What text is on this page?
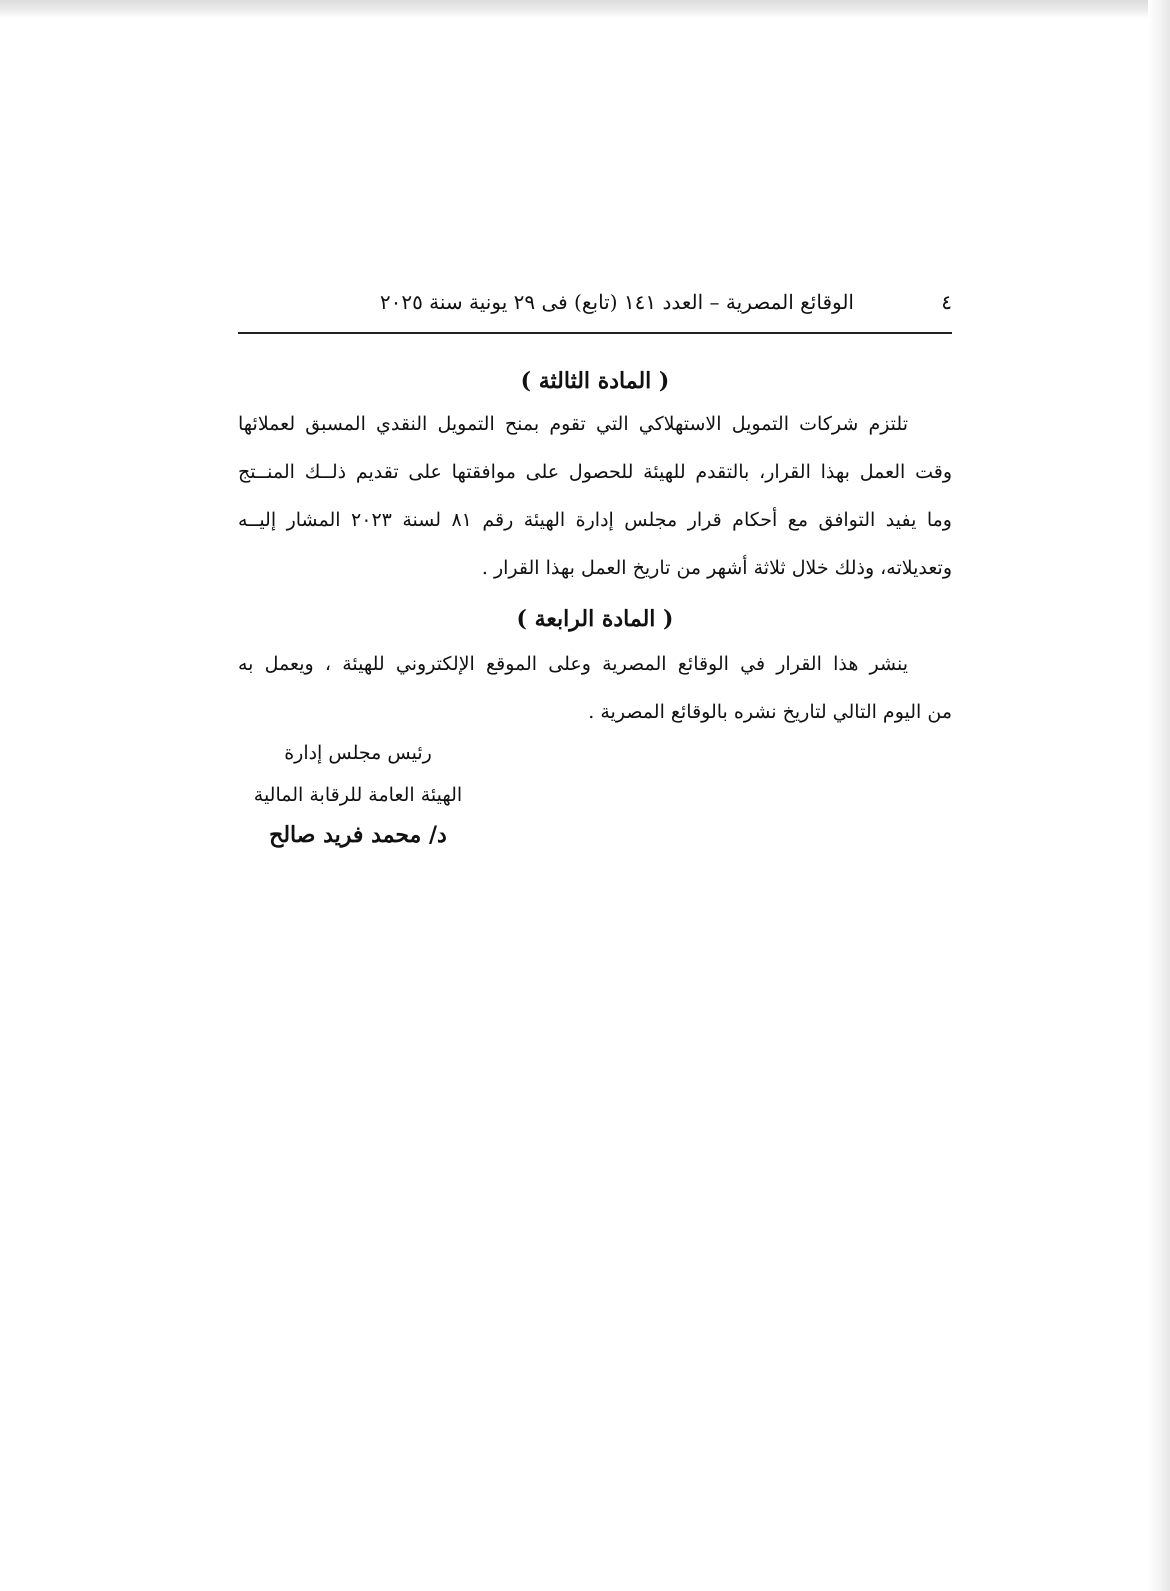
٤
الوقائع المصرية – العدد ١٤١ (تابع) فى ٢٩ يونية سنة ٢٠٢٥
( المادة الثالثة )
تلتزم شركات التمويل الاستهلاكي التي تقوم بمنح التمويل النقدي المسبق لعملائها
وقت العمل بهذا القرار، بالتقدم للهيئة للحصول على موافقتها على تقديم ذلــك المنــتج
وما يفيد التوافق مع أحكام قرار مجلس إدارة الهيئة رقم ٨١ لسنة ٢٠٢٣ المشار إليــه
وتعديلاته، وذلك خلال ثلاثة أشهر من تاريخ العمل بهذا القرار .
( المادة الرابعة )
ينشر هذا القرار في الوقائع المصرية وعلى الموقع الإلكتروني للهيئة ، ويعمل به
من اليوم التالي لتاريخ نشره بالوقائع المصرية .
رئيس مجلس إدارة
الهيئة العامة للرقابة المالية
د/ محمد فريد صالح
